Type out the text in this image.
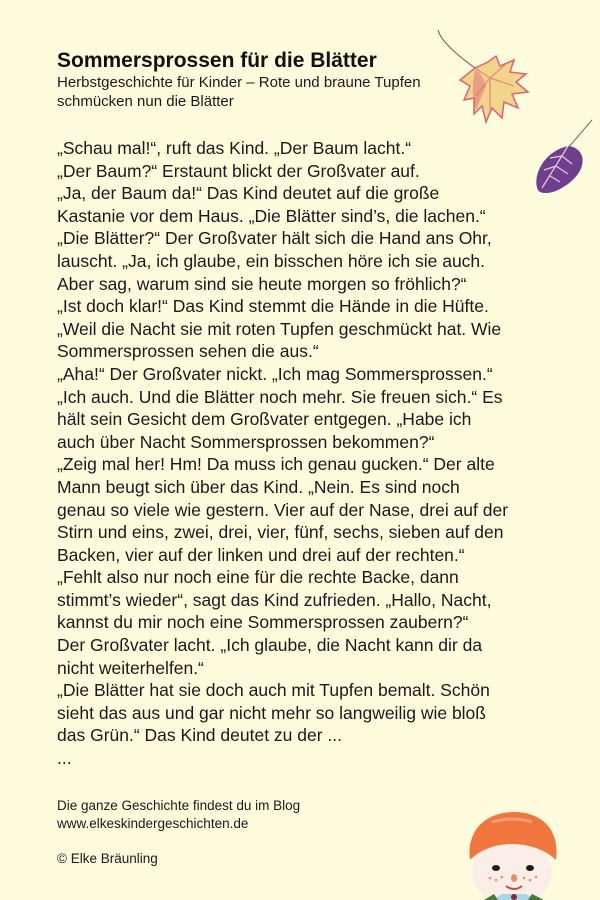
Sommersprossen für die Blätter

Herbstgeschichte für Kinder – Rote und braune Tupfen schmücken nun die Blätter

„Schau mal!“, ruft das Kind. „Der Baum lacht.“
„Der Baum?“ Erstaunt blickt der Großvater auf.
„Ja, der Baum da!“ Das Kind deutet auf die große
Kastanie vor dem Haus. „Die Blätter sind’s, die lachen.“
„Die Blätter?“ Der Großvater hält sich die Hand ans Ohr,
lauscht. „Ja, ich glaube, ein bisschen höre ich sie auch.
Aber sag, warum sind sie heute morgen so fröhlich?“
„Ist doch klar!“ Das Kind stemmt die Hände in die Hüfte.
„Weil die Nacht sie mit roten Tupfen geschmückt hat. Wie
Sommersprossen sehen die aus.“
„Aha!“ Der Großvater nickt. „Ich mag Sommersprossen.“
„Ich auch. Und die Blätter noch mehr. Sie freuen sich.“ Es
hält sein Gesicht dem Großvater entgegen. „Habe ich
auch über Nacht Sommersprossen bekommen?“
„Zeig mal her! Hm! Da muss ich genau gucken.“ Der alte
Mann beugt sich über das Kind. „Nein. Es sind noch
genau so viele wie gestern. Vier auf der Nase, drei auf der
Stirn und eins, zwei, drei, vier, fünf, sechs, sieben auf den
Backen, vier auf der linken und drei auf der rechten.“
„Fehlt also nur noch eine für die rechte Backe, dann
stimmt’s wieder“, sagt das Kind zufrieden. „Hallo, Nacht,
kannst du mir noch eine Sommersprossen zaubern?“
Der Großvater lacht. „Ich glaube, die Nacht kann dir da
nicht weiterhelfen.“
„Die Blätter hat sie doch auch mit Tupfen bemalt. Schön
sieht das aus und gar nicht mehr so langweilig wie bloß
das Grün.“ Das Kind deutet zu der ...
...
Die ganze Geschichte findest du im Blog
www.elkeskindergeschichten.de
© Elke Bräunling
